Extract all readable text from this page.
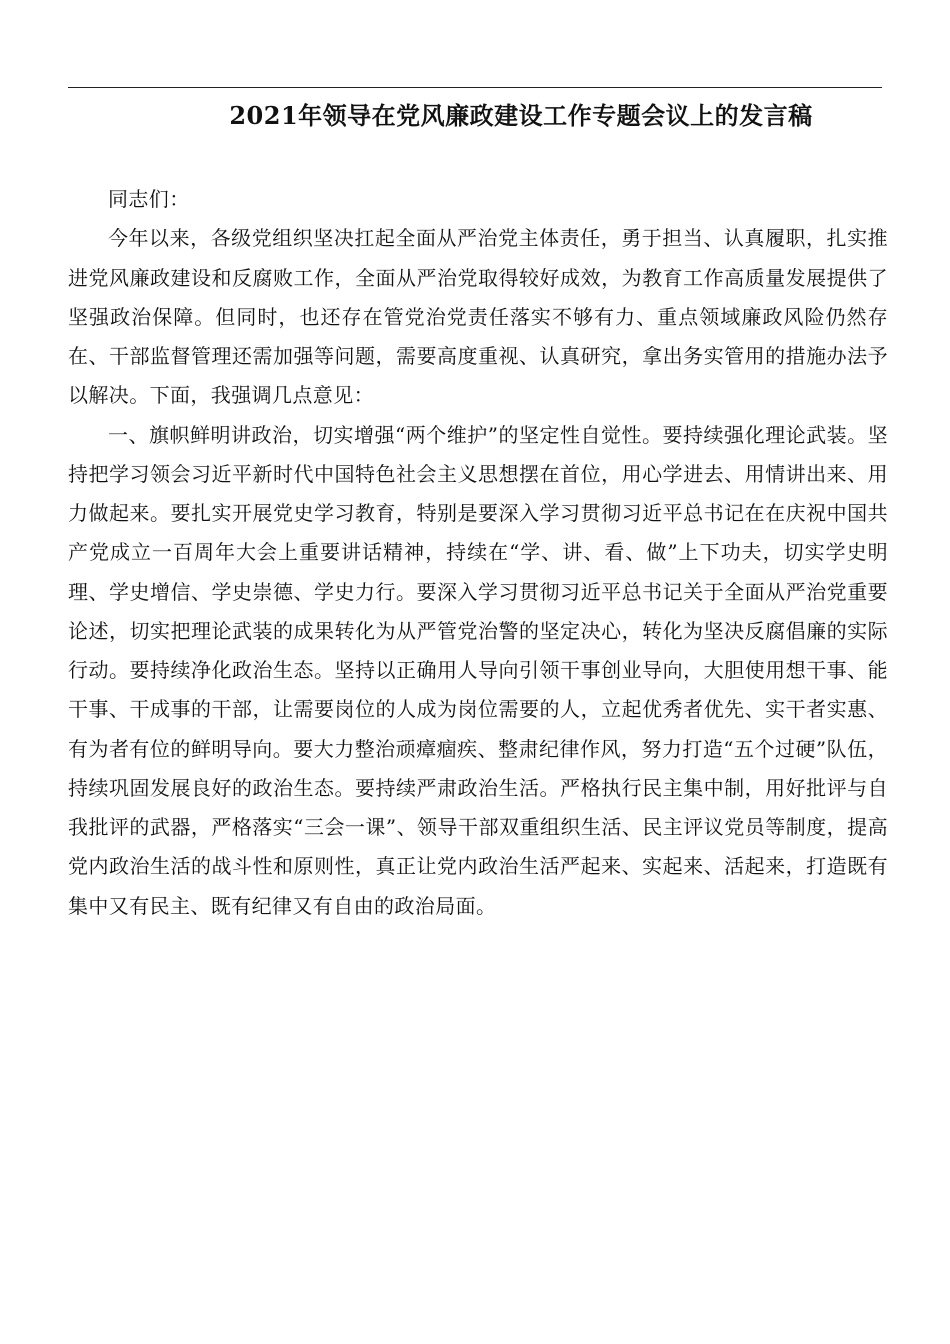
2021年领导在党风廉政建设工作专题会议上的发言稿

同志们：

今年以来，各级党组织坚决扛起全面从严治党主体责任，勇于担当、认真履职，扎实推进党风廉政建设和反腐败工作，全面从严治党取得较好成效，为教育工作高质量发展提供了坚强政治保障。但同时，也还存在管党治党责任落实不够有力、重点领域廉政风险仍然存在、干部监督管理还需加强等问题，需要高度重视、认真研究，拿出务实管用的措施办法予以解决。下面，我强调几点意见：

一、旗帜鲜明讲政治，切实增强“两个维护”的坚定性自觉性。要持续强化理论武装。坚持把学习领会习近平新时代中国特色社会主义思想摆在首位，用心学进去、用情讲出来、用力做起来。要扎实开展党史学习教育，特别是要深入学习贯彻习近平总书记在在庆祝中国共产党成立一百周年大会上重要讲话精神，持续在“学、讲、看、做”上下功夫，切实学史明理、学史增信、学史崇德、学史力行。要深入学习贯彻习近平总书记关于全面从严治党重要论述，切实把理论武装的成果转化为从严管党治警的坚定决心，转化为坚决反腐倡廉的实际行动。要持续净化政治生态。坚持以正确用人导向引领干事创业导向，大胆使用想干事、能干事、干成事的干部，让需要岗位的人成为岗位需要的人，立起优秀者优先、实干者实惠、有为者有位的鲜明导向。要大力整治顽瘴痼疾、整肃纪律作风，努力打造“五个过硬”队伍，持续巩固发展良好的政治生态。要持续严肃政治生活。严格执行民主集中制，用好批评与自我批评的武器，严格落实“三会一课”、领导干部双重组织生活、民主评议党员等制度，提高党内政治生活的战斗性和原则性，真正让党内政治生活严起来、实起来、活起来，打造既有集中又有民主、既有纪律又有自由的政治局面。
